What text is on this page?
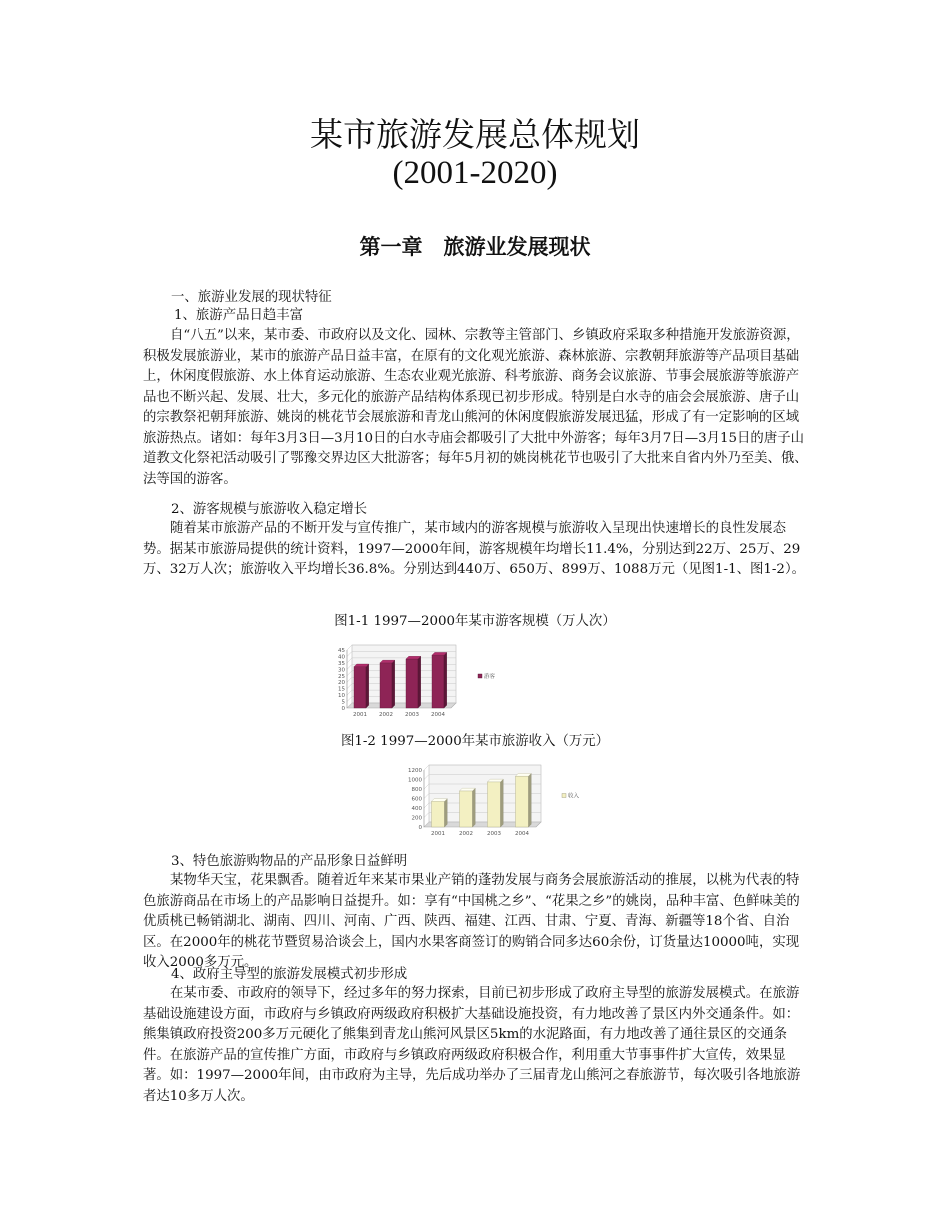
某市旅游发展总体规划
(2001-2020)
第一章　旅游业发展现状
一、旅游业发展的现状特征
1、旅游产品日趋丰富
自“八五”以来，某市委、市政府以及文化、园林、宗教等主管部门、乡镇政府采取多种措施开发旅游资源，积极发展旅游业，某市的旅游产品日益丰富，在原有的文化观光旅游、森林旅游、宗教朝拜旅游等产品项目基础上，休闲度假旅游、水上体育运动旅游、生态农业观光旅游、科考旅游、商务会议旅游、节事会展旅游等旅游产品也不断兴起、发展、壮大，多元化的旅游产品结构体系现已初步形成。特别是白水寺的庙会会展旅游、唐子山的宗教祭祀朝拜旅游、姚岗的桃花节会展旅游和青龙山熊河的休闲度假旅游发展迅猛，形成了有一定影响的区域旅游热点。诸如：每年3月3日—3月10日的白水寺庙会都吸引了大批中外游客；每年3月7日—3月15日的唐子山道教文化祭祀活动吸引了鄂豫交界边区大批游客；每年5月初的姚岗桃花节也吸引了大批来自省内外乃至美、俄、法等国的游客。
2、游客规模与旅游收入稳定增长
随着某市旅游产品的不断开发与宣传推广，某市域内的游客规模与旅游收入呈现出快速增长的良性发展态势。据某市旅游局提供的统计资料，1997—2000年间，游客规模年均增长11.4%，分别达到22万、25万、29万、32万人次；旅游收入平均增长36.8%。分别达到440万、650万、899万、1088万元（见图1-1、图1-2）。
图1-1 1997—2000年某市游客规模（万人次）
0
5
10
15
20
25
30
35
40
45
2001 2002 2003 2004
游客
图1-2 1997—2000年某市旅游收入（万元）
0
200
400
600
800
1000
1200
2001	2002	2003	2004
收入
3、特色旅游购物品的产品形象日益鲜明
某物华天宝，花果飘香。随着近年来某市果业产销的蓬勃发展与商务会展旅游活动的推展，以桃为代表的特色旅游商品在市场上的产品影响日益提升。如：享有“中国桃之乡”、“花果之乡”的姚岗，品种丰富、色鲜味美的优质桃已畅销湖北、湖南、四川、河南、广西、陕西、福建、江西、甘肃、宁夏、青海、新疆等18个省、自治区。在2000年的桃花节暨贸易洽谈会上，国内水果客商签订的购销合同多达60余份，订货量达10000吨，实现收入2000多万元。
4、政府主导型的旅游发展模式初步形成
在某市委、市政府的领导下，经过多年的努力探索，目前已初步形成了政府主导型的旅游发展模式。在旅游基础设施建设方面，市政府与乡镇政府两级政府积极扩大基础设施投资，有力地改善了景区内外交通条件。如：熊集镇政府投资200多万元硬化了熊集到青龙山熊河风景区5km的水泥路面，有力地改善了通往景区的交通条件。在旅游产品的宣传推广方面，市政府与乡镇政府两级政府积极合作，利用重大节事事件扩大宣传，效果显著。如：1997—2000年间，由市政府为主导，先后成功举办了三届青龙山熊河之春旅游节，每次吸引各地旅游者达10多万人次。
